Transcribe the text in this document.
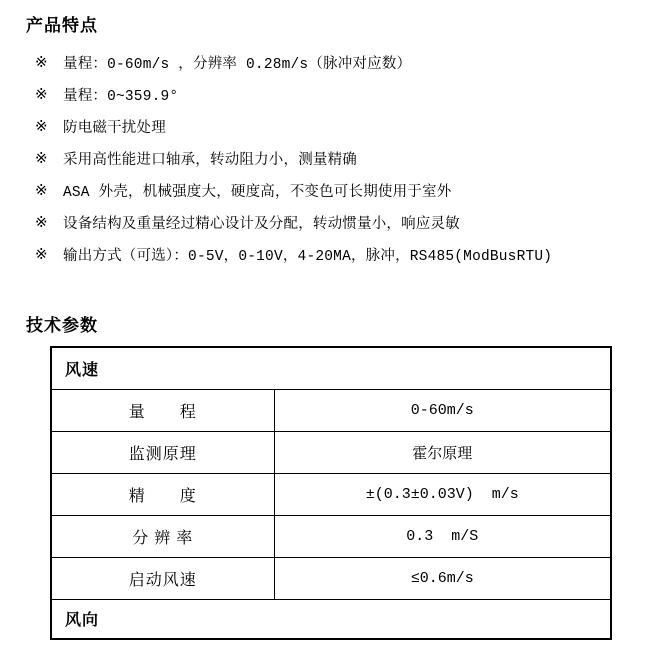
产品特点
※	量程：0-60m/s ，分辨率 0.28m/s（脉冲对应数）
※	量程：0~359.9°
※	防电磁干扰处理
※	采用高性能进口轴承，转动阻力小，测量精确
※	ASA 外壳，机械强度大，硬度高，不变色可长期使用于室外
※	设备结构及重量经过精心设计及分配，转动惯量小，响应灵敏
※	输出方式（可选）：0-5V，0-10V，4-20MA，脉冲，RS485(ModBusRTU)
技术参数
风速	
量　　程	0-60m/s
监测原理	霍尔原理
精　　度	±(0.3±0.03V)  m/s
分 辨 率	0.3  m/S
启动风速	≤0.6m/s
风向	
